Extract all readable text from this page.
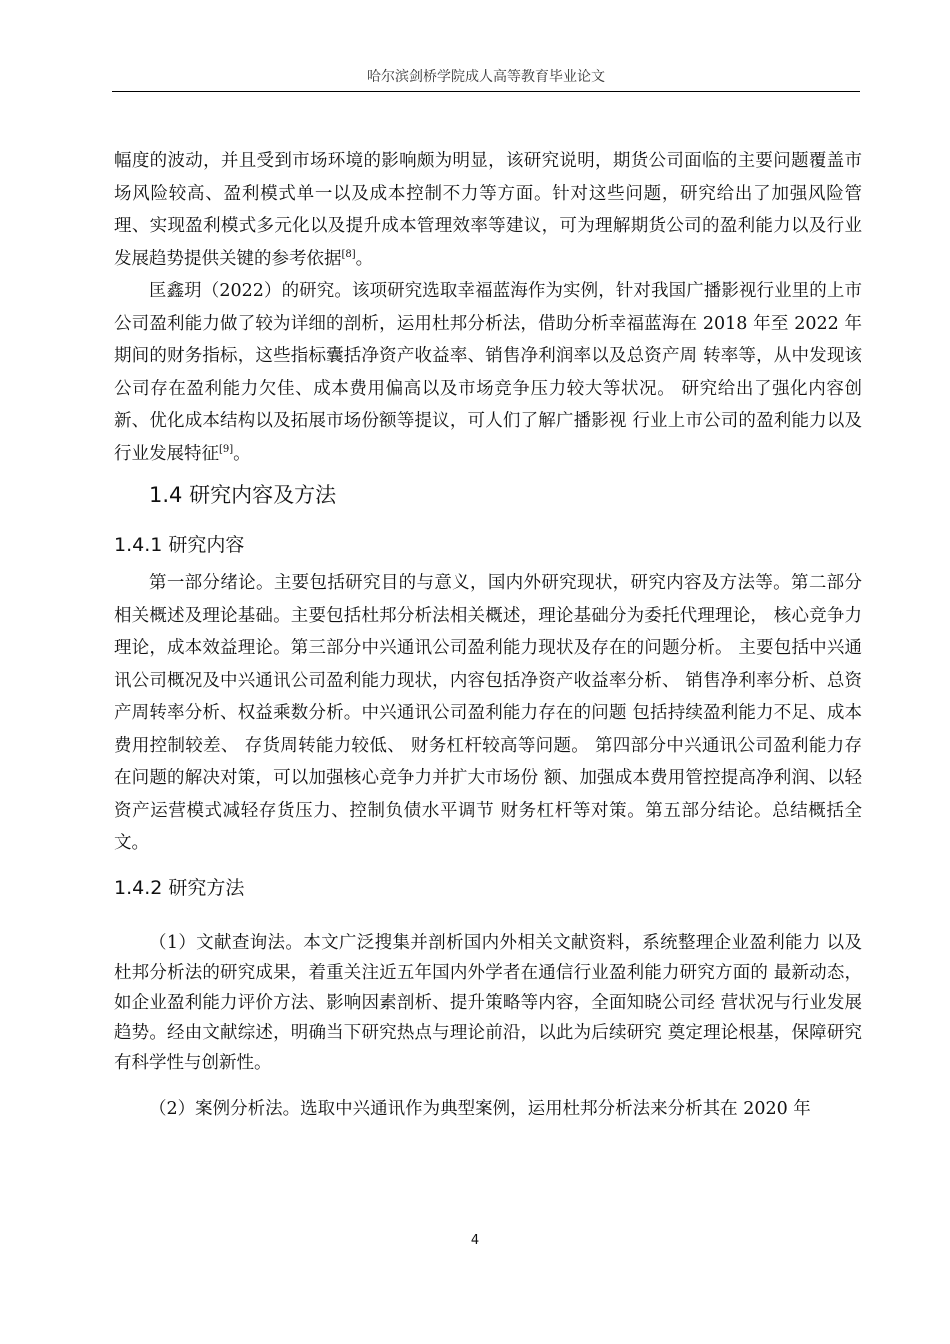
哈尔滨剑桥学院成人高等教育毕业论文

幅度的波动，并且受到市场环境的影响颇为明显，该研究说明，期货公司面临的主要问题覆盖市场风险较高、盈利模式单一以及成本控制不力等方面。针对这些问题，研究给出了加强风险管理、实现盈利模式多元化以及提升成本管理效率等建议，可为理解期货公司的盈利能力以及行业发展趋势提供关键的参考依据[8]。

匡鑫玥（2022）的研究。该项研究选取幸福蓝海作为实例，针对我国广播影视行业里的上市公司盈利能力做了较为详细的剖析，运用杜邦分析法，借助分析幸福蓝海在 2018 年至 2022 年期间的财务指标，这些指标囊括净资产收益率、销售净利润率以及总资产周 转率等，从中发现该公司存在盈利能力欠佳、成本费用偏高以及市场竞争压力较大等状况。 研究给出了强化内容创新、优化成本结构以及拓展市场份额等提议，可人们了解广播影视 行业上市公司的盈利能力以及行业发展特征[9]。

1.4 研究内容及方法
1.4.1 研究内容

第一部分绪论。主要包括研究目的与意义，国内外研究现状，研究内容及方法等。第二部分相关概述及理论基础。主要包括杜邦分析法相关概述，理论基础分为委托代理理论， 核心竞争力理论，成本效益理论。第三部分中兴通讯公司盈利能力现状及存在的问题分析。 主要包括中兴通讯公司概况及中兴通讯公司盈利能力现状，内容包括净资产收益率分析、 销售净利率分析、总资产周转率分析、权益乘数分析。中兴通讯公司盈利能力存在的问题 包括持续盈利能力不足、成本费用控制较差、 存货周转能力较低、 财务杠杆较高等问题。 第四部分中兴通讯公司盈利能力存在问题的解决对策，可以加强核心竞争力并扩大市场份 额、加强成本费用管控提高净利润、以轻资产运营模式减轻存货压力、控制负债水平调节 财务杠杆等对策。第五部分结论。总结概括全文。

1.4.2 研究方法

（1）文献查询法。本文广泛搜集并剖析国内外相关文献资料，系统整理企业盈利能力 以及杜邦分析法的研究成果，着重关注近五年国内外学者在通信行业盈利能力研究方面的 最新动态，如企业盈利能力评价方法、影响因素剖析、提升策略等内容，全面知晓公司经 营状况与行业发展趋势。经由文献综述，明确当下研究热点与理论前沿，以此为后续研究 奠定理论根基，保障研究有科学性与创新性。

（2）案例分析法。选取中兴通讯作为典型案例，运用杜邦分析法来分析其在 2020 年

4
